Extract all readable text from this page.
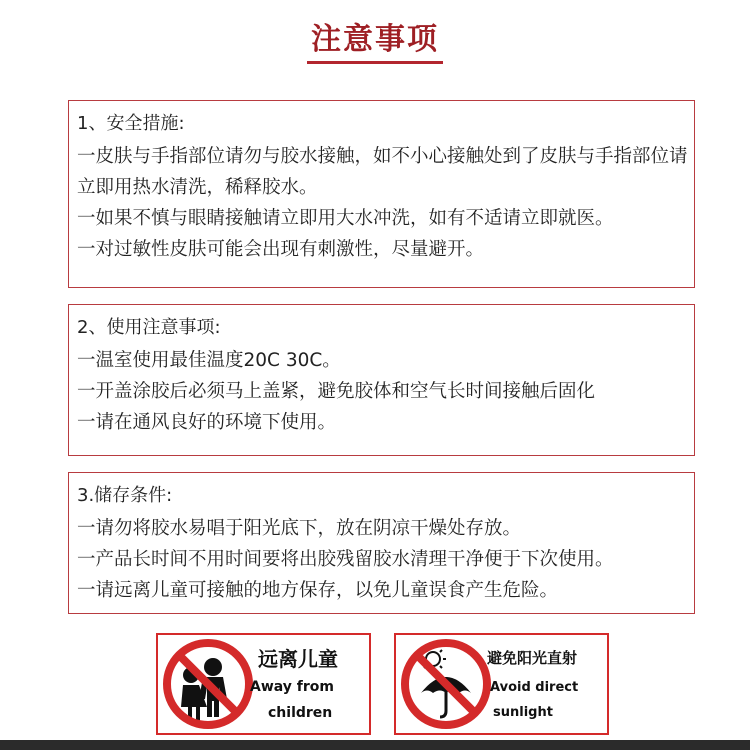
注意事项
1、安全措施:
一皮肤与手指部位请勿与胶水接触，如不小心接触处到了皮肤与手指部位请立即用热水清洗，稀释胶水。
一如果不慎与眼睛接触请立即用大水冲洗，如有不适请立即就医。
一对过敏性皮肤可能会出现有刺激性，尽量避开。
2、使用注意事项:
一温室使用最佳温度20C 30C。
一开盖涂胶后必须马上盖紧，避免胶体和空气长时间接触后固化
一请在通风良好的环境下使用。
3.储存条件:
一请勿将胶水易唱于阳光底下，放在阴凉干燥处存放。
一产品长时间不用时间要将出胶残留胶水清理干净便于下次使用。
一请远离儿童可接触的地方保存，以免儿童误食产生危险。
远离儿童
Away from
children
避免阳光直射
Avoid direct
sunlight
